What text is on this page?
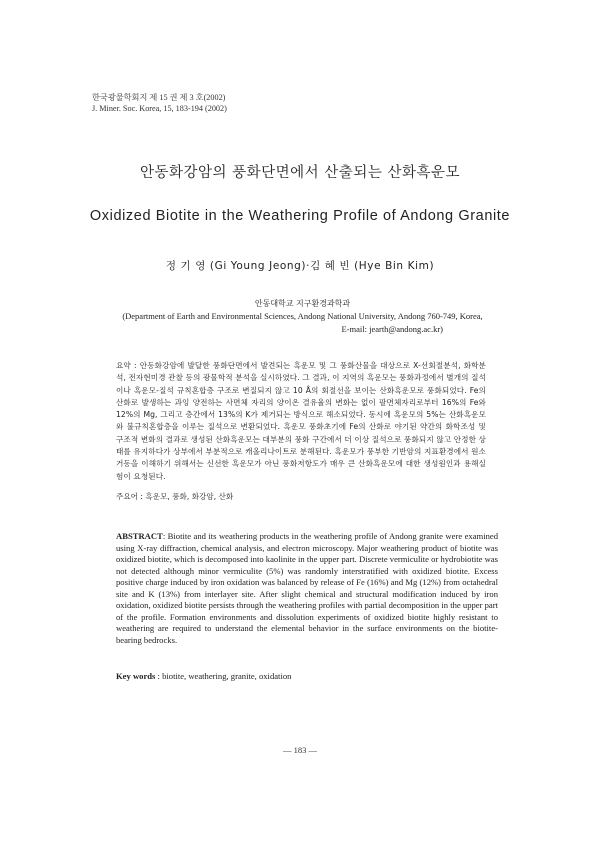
한국광물학회지 제 15 권 제 3 호(2002)
J. Miner. Soc. Korea, 15, 183-194 (2002)
안동화강암의 풍화단면에서 산출되는 산화흑운모
Oxidized Biotite in the Weathering Profile of Andong Granite
정 기 영 (Gi Young Jeong)·김 혜 빈 (Hye Bin Kim)
안동대학교 지구환경과학과
(Department of Earth and Environmental Sciences, Andong National University, Andong 760-749, Korea,
E-mail: jearth@andong.ac.kr)
요약 : 안동화강암에 발달한 풍화단면에서 발견되는 흑운모 및 그 풍화산물을 대상으로 X-선회절분석, 화학분석, 전자현미경 관찰 등의 광물학적 분석을 실시하였다. 그 결과, 이 지역의 흑운모는 풍화과정에서 별개의 질석이나 흑운모-질석 규칙혼합층 구조로 변질되지 않고 10 Å의 회절선을 보이는 산화흑운모로 풍화되었다. Fe의 산화로 발생하는 과잉 양전하는 사면체 자리의 양이온 결유율의 변화는 없이 팔면체자리로부터 16%의 Fe와 12%의 Mg, 그리고 층간에서 13%의 K가 제거되는 방식으로 해소되었다. 동시에 흑운모의 5%는 산화흑운모와 불규칙혼합층을 이루는 질석으로 변환되었다. 흑운모 풍화초기에 Fe의 산화로 야기된 약간의 화학조성 및 구조적 변화의 결과로 생성된 산화흑운모는 대부분의 풍화 구간에서 더 이상 질석으로 풍화되지 않고 안정한 상태를 유지하다가 상부에서 부분적으로 캐올리나이트로 분해된다. 흑운모가 풍부한 기반암의 지표환경에서 원소거동을 이해하기 위해서는 신선한 흑운모가 아닌 풍화저항도가 매우 큰 산화흑운모에 대한 생성원인과 용해실험이 요청된다.
주요어 : 흑운모, 풍화, 화강암, 산화
ABSTRACT: Biotite and its weathering products in the weathering profile of Andong granite were examined using X-ray diffraction, chemical analysis, and electron microscopy. Major weathering product of biotite was oxidized biotite, which is decomposed into kaolinite in the upper part. Discrete vermiculite or hydrobiotite was not detected although minor vermiculite (5%) was randomly interstratified with oxidized biotite. Excess positive charge induced by iron oxidation was balanced by release of Fe (16%) and Mg (12%) from octahedral site and K (13%) from interlayer site. After slight chemical and structural modification induced by iron oxidation, oxidized biotite persists through the weathering profiles with partial decomposition in the upper part of the profile. Formation environments and dissolution experiments of oxidized biotite highly resistant to weathering are required to understand the elemental behavior in the surface environments on the biotite-bearing bedrocks.
Key words : biotite, weathering, granite, oxidation
― 183 ―
